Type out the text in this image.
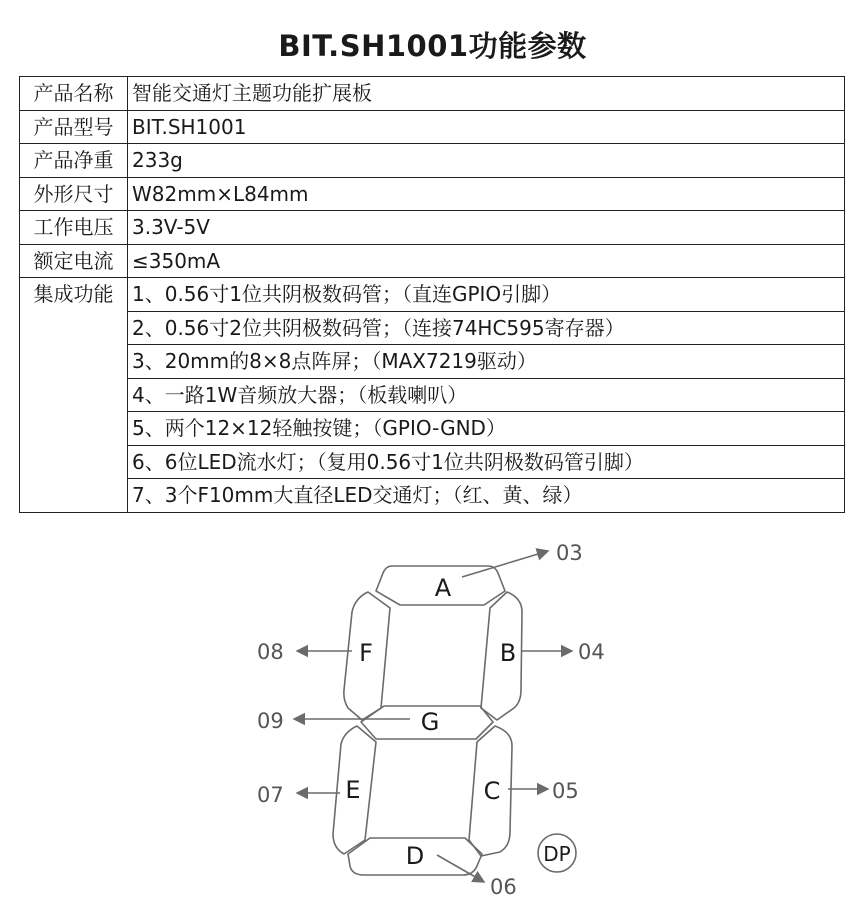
BIT.SH1001功能参数
产品名称	智能交通灯主题功能扩展板
产品型号	BIT.SH1001
产品净重	233g
外形尺寸	W82mm×L84mm
工作电压	3.3V-5V
额定电流	≤350mA
集成功能	1、0.56寸1位共阴极数码管；（直连GPIO引脚）
	2、0.56寸2位共阴极数码管；（连接74HC595寄存器）
	3、20mm的8×8点阵屏；（MAX7219驱动）
	4、一路1W音频放大器；（板载喇叭）
	5、两个12×12轻触按键；（GPIO-GND）
	6、6位LED流水灯；（复用0.56寸1位共阴极数码管引脚）
	7、3个F10mm大直径LED交通灯；（红、黄、绿）
A
B
C
D
E
F
G
DP
03
04
05
06
07
08
09
